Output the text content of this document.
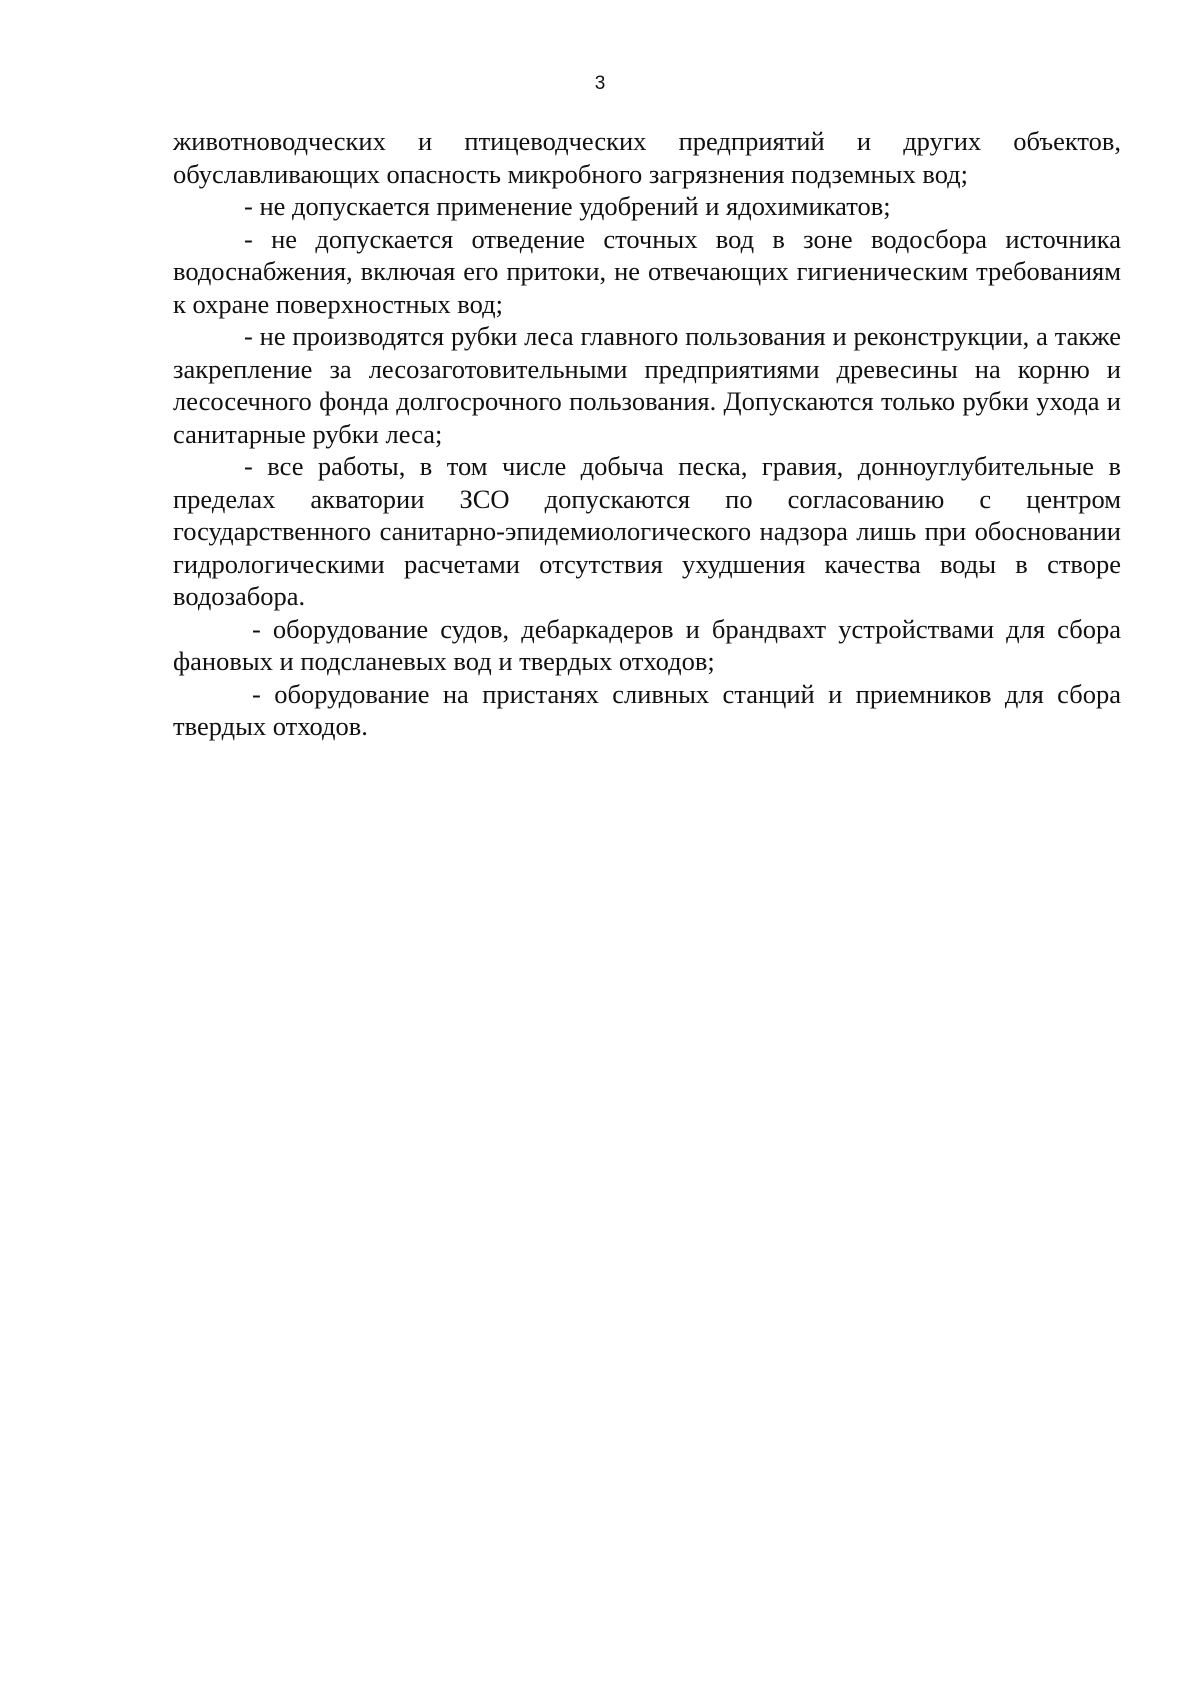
3

животноводческих и птицеводческих предприятий и других объектов, обуславливающих опасность микробного загрязнения подземных вод;

- не допускается применение удобрений и ядохимикатов;

- не допускается отведение сточных вод в зоне водосбора источника водоснабжения, включая его притоки, не отвечающих гигиеническим требованиям к охране поверхностных вод;

- не производятся рубки леса главного пользования и реконструкции, а также закрепление за лесозаготовительными предприятиями древесины на корню и лесосечного фонда долгосрочного пользования. Допускаются только рубки ухода и санитарные рубки леса;

- все работы, в том числе добыча песка, гравия, донноуглубительные в пределах акватории ЗСО допускаются по согласованию с центром государственного санитарно-эпидемиологического надзора лишь при обосновании гидрологическими расчетами отсутствия ухудшения качества воды в створе водозабора.

- оборудование судов, дебаркадеров и брандвахт устройствами для сбора фановых и подсланевых вод и твердых отходов;

- оборудование на пристанях сливных станций и приемников для сбора твердых отходов.
